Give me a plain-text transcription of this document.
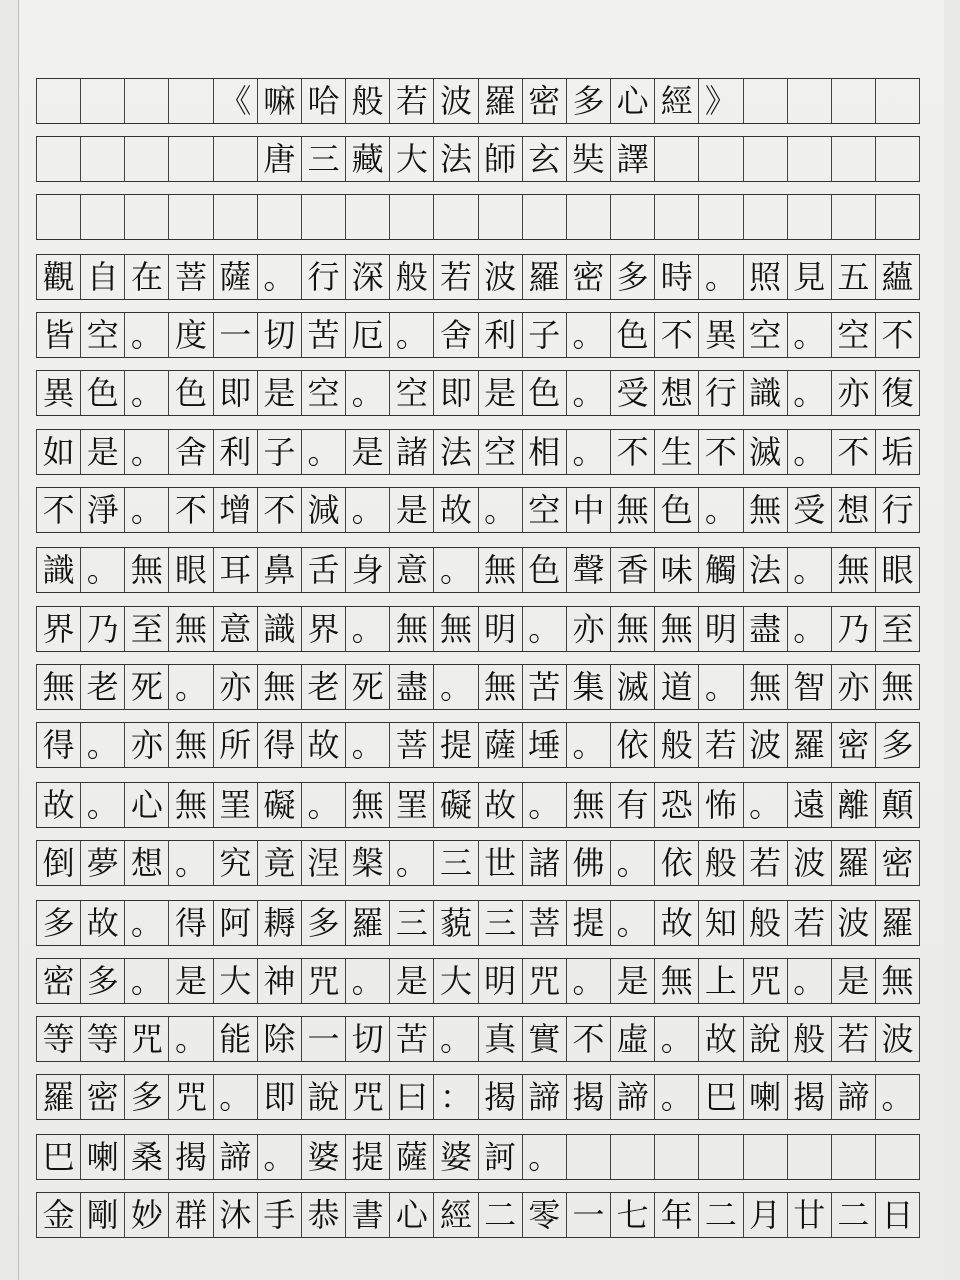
《 嘛 哈 般 若 波 羅 密 多 心 經 》
唐 三 藏 大 法 師 玄 奘 譯
觀 自 在 菩 薩 。 行 深 般 若 波 羅 密 多 時 。 照 見 五 蘊
皆 空 。 度 一 切 苦 厄 。 舍 利 子 。 色 不 異 空 。 空 不
異 色 。 色 即 是 空 。 空 即 是 色 。 受 想 行 識 。 亦 復
如 是 。 舍 利 子 。 是 諸 法 空 相 。 不 生 不 滅 。 不 垢
不 淨 。 不 增 不 減 。 是 故 。 空 中 無 色 。 無 受 想 行
識 。 無 眼 耳 鼻 舌 身 意 。 無 色 聲 香 味 觸 法 。 無 眼
界 乃 至 無 意 識 界 。 無 無 明 。 亦 無 無 明 盡 。 乃 至
無 老 死 。 亦 無 老 死 盡 。 無 苦 集 滅 道 。 無 智 亦 無
得 。 亦 無 所 得 故 。 菩 提 薩 埵 。 依 般 若 波 羅 密 多
故 。 心 無 罣 礙 。 無 罣 礙 故 。 無 有 恐 怖 。 遠 離 顛
倒 夢 想 。 究 竟 涅 槃 。 三 世 諸 佛 。 依 般 若 波 羅 密
多 故 。 得 阿 耨 多 羅 三 藐 三 菩 提 。 故 知 般 若 波 羅
密 多 。 是 大 神 咒 。 是 大 明 咒 。 是 無 上 咒 。 是 無
等 等 咒 。 能 除 一 切 苦 。 真 實 不 虛 。 故 說 般 若 波
羅 密 多 咒 。 即 說 咒 曰 ： 揭 諦 揭 諦 。 巴 喇 揭 諦 。
巴 喇 桑 揭 諦 。 婆 提 薩 婆 訶 。
金 剛 妙 群 沐 手 恭 書 心 經 二 零 一 七 年 二 月 廿 二 日
